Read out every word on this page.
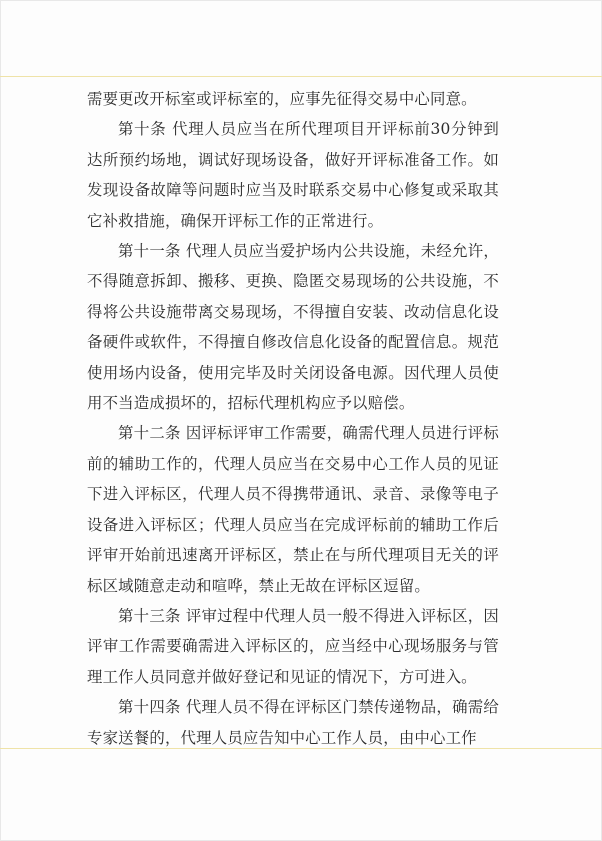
需要更改开标室或评标室的，应事先征得交易中心同意。

第十条 代理人员应当在所代理项目开评标前30分钟到达所预约场地，调试好现场设备，做好开评标准备工作。如发现设备故障等问题时应当及时联系交易中心修复或采取其它补救措施，确保开评标工作的正常进行。

第十一条 代理人员应当爱护场内公共设施，未经允许，不得随意拆卸、搬移、更换、隐匿交易现场的公共设施，不得将公共设施带离交易现场，不得擅自安装、改动信息化设备硬件或软件，不得擅自修改信息化设备的配置信息。规范使用场内设备，使用完毕及时关闭设备电源。因代理人员使用不当造成损坏的，招标代理机构应予以赔偿。

第十二条 因评标评审工作需要，确需代理人员进行评标前的辅助工作的，代理人员应当在交易中心工作人员的见证下进入评标区，代理人员不得携带通讯、录音、录像等电子设备进入评标区；代理人员应当在完成评标前的辅助工作后评审开始前迅速离开评标区，禁止在与所代理项目无关的评标区域随意走动和喧哗，禁止无故在评标区逗留。

第十三条 评审过程中代理人员一般不得进入评标区，因评审工作需要确需进入评标区的，应当经中心现场服务与管理工作人员同意并做好登记和见证的情况下，方可进入。

第十四条 代理人员不得在评标区门禁传递物品，确需给专家送餐的，代理人员应告知中心工作人员，由中心工作
